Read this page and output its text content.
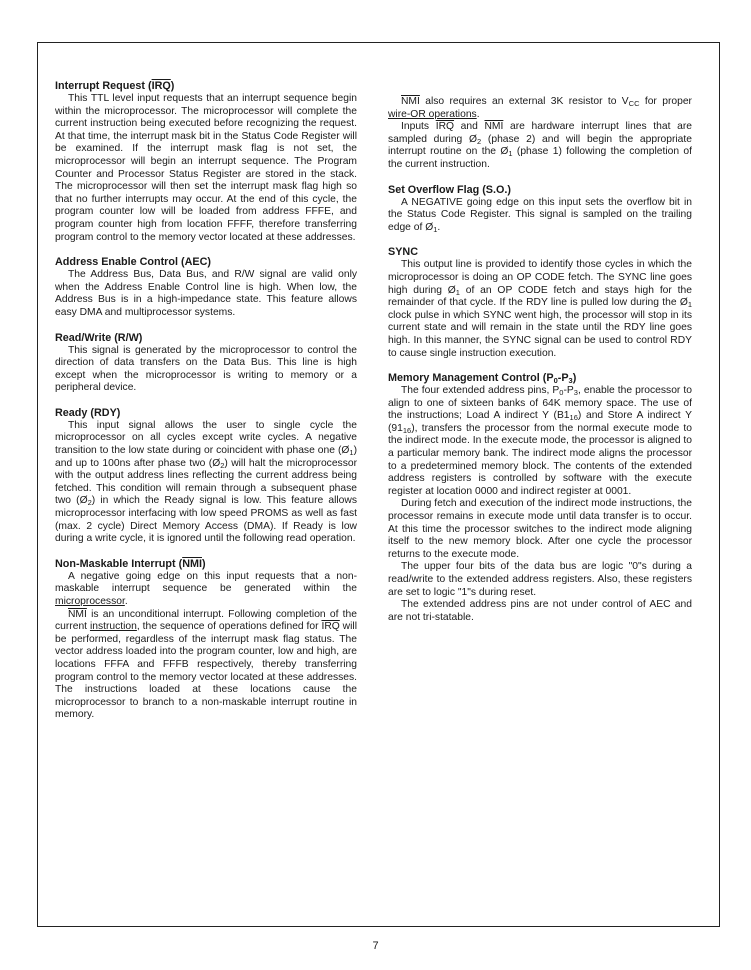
Interrupt Request (IRQ)

This TTL level input requests that an interrupt sequence begin within the microprocessor. The microprocessor will complete the current instruction being executed before recognizing the request. At that time, the interrupt mask bit in the Status Code Register will be examined. If the interrupt mask flag is not set, the microprocessor will begin an interrupt sequence. The Program Counter and Processor Status Register are stored in the stack. The microprocessor will then set the interrupt mask flag high so that no further interrupts may occur. At the end of this cycle, the program counter low will be loaded from address FFFE, and program counter high from location FFFF, therefore transferring program control to the memory vector located at these addresses.

Address Enable Control (AEC)

The Address Bus, Data Bus, and R/W signal are valid only when the Address Enable Control line is high. When low, the Address Bus is in a high-impedance state. This feature allows easy DMA and multiprocessor systems.

Read/Write (R/W)

This signal is generated by the microprocessor to control the direction of data transfers on the Data Bus. This line is high except when the microprocessor is writing to memory or a peripheral device.

Ready (RDY)

This input signal allows the user to single cycle the microprocessor on all cycles except write cycles. A negative transition to the low state during or coincident with phase one $(Ø_1)$ and up to 100ns after phase two $(Ø_2)$ will halt the microprocessor with the output address lines reflecting the current address being fetched. This condition will remain through a subsequent phase two $(Ø_2)$ in which the Ready signal is low. This feature allows microprocessor interfacing with low speed PROMS as well as fast (max. 2 cycle) Direct Memory Access (DMA). If Ready is low during a write cycle, it is ignored until the following read operation.

Non-Maskable Interrupt (NMI)

A negative going edge on this input requests that a non-maskable interrupt sequence be generated within the microprocessor.

$\overline{NMI}$ is an unconditional interrupt. Following completion of the current instruction, the sequence of operations defined for $\overline{IRQ}$ will be performed, regardless of the interrupt mask flag status. The vector address loaded into the program counter, low and high, are locations FFFA and FFFB respectively, thereby transferring program control to the memory vector located at these addresses. The instructions loaded at these locations cause the microprocessor to branch to a non-maskable interrupt routine in memory.

$\overline{NMI}$ also requires an external 3K resistor to $V_{CC}$ for proper wire-OR operations.

Inputs $\overline{IRQ}$ and $\overline{NMI}$ are hardware interrupt lines that are sampled during $Ø_2$ (phase 2) and will begin the appropriate interrupt routine on the $Ø_1$ (phase 1) following the completion of the current instruction.

Set Overflow Flag (S.O.)

A NEGATIVE going edge on this input sets the overflow bit in the Status Code Register. This signal is sampled on the trailing edge of $Ø_1$.

SYNC

This output line is provided to identify those cycles in which the microprocessor is doing an OP CODE fetch. The SYNC line goes high during $Ø_1$ of an OP CODE fetch and stays high for the remainder of that cycle. If the RDY line is pulled low during the $Ø_1$ clock pulse in which SYNC went high, the processor will stop in its current state and will remain in the state until the RDY line goes high. In this manner, the SYNC signal can be used to control RDY to cause single instruction execution.

Memory Management Control $(P_0-P_3)$

The four extended address pins, $P_0-P_3$, enable the processor to align to one of sixteen banks of 64K memory space. The use of the instructions; Load A indirect Y $(B1_{16})$ and Store A indirect Y $(91_{16})$, transfers the processor from the normal execute mode to the indirect mode. In the execute mode, the processor is aligned to a particular memory bank. The indirect mode aligns the processor to a predetermined memory block. The contents of the extended address registers is controlled by software with the execute register at location 0000 and indirect register at 0001.

During fetch and execution of the indirect mode instructions, the processor remains in execute mode until data transfer is to occur. At this time the processor switches to the indirect mode aligning itself to the new memory block. After one cycle the processor returns to the execute mode.

The upper four bits of the data bus are logic "0"s during a read/write to the extended address registers. Also, these registers are set to logic "1"s during reset.

The extended address pins are not under control of AEC and are not tri-statable.

7
